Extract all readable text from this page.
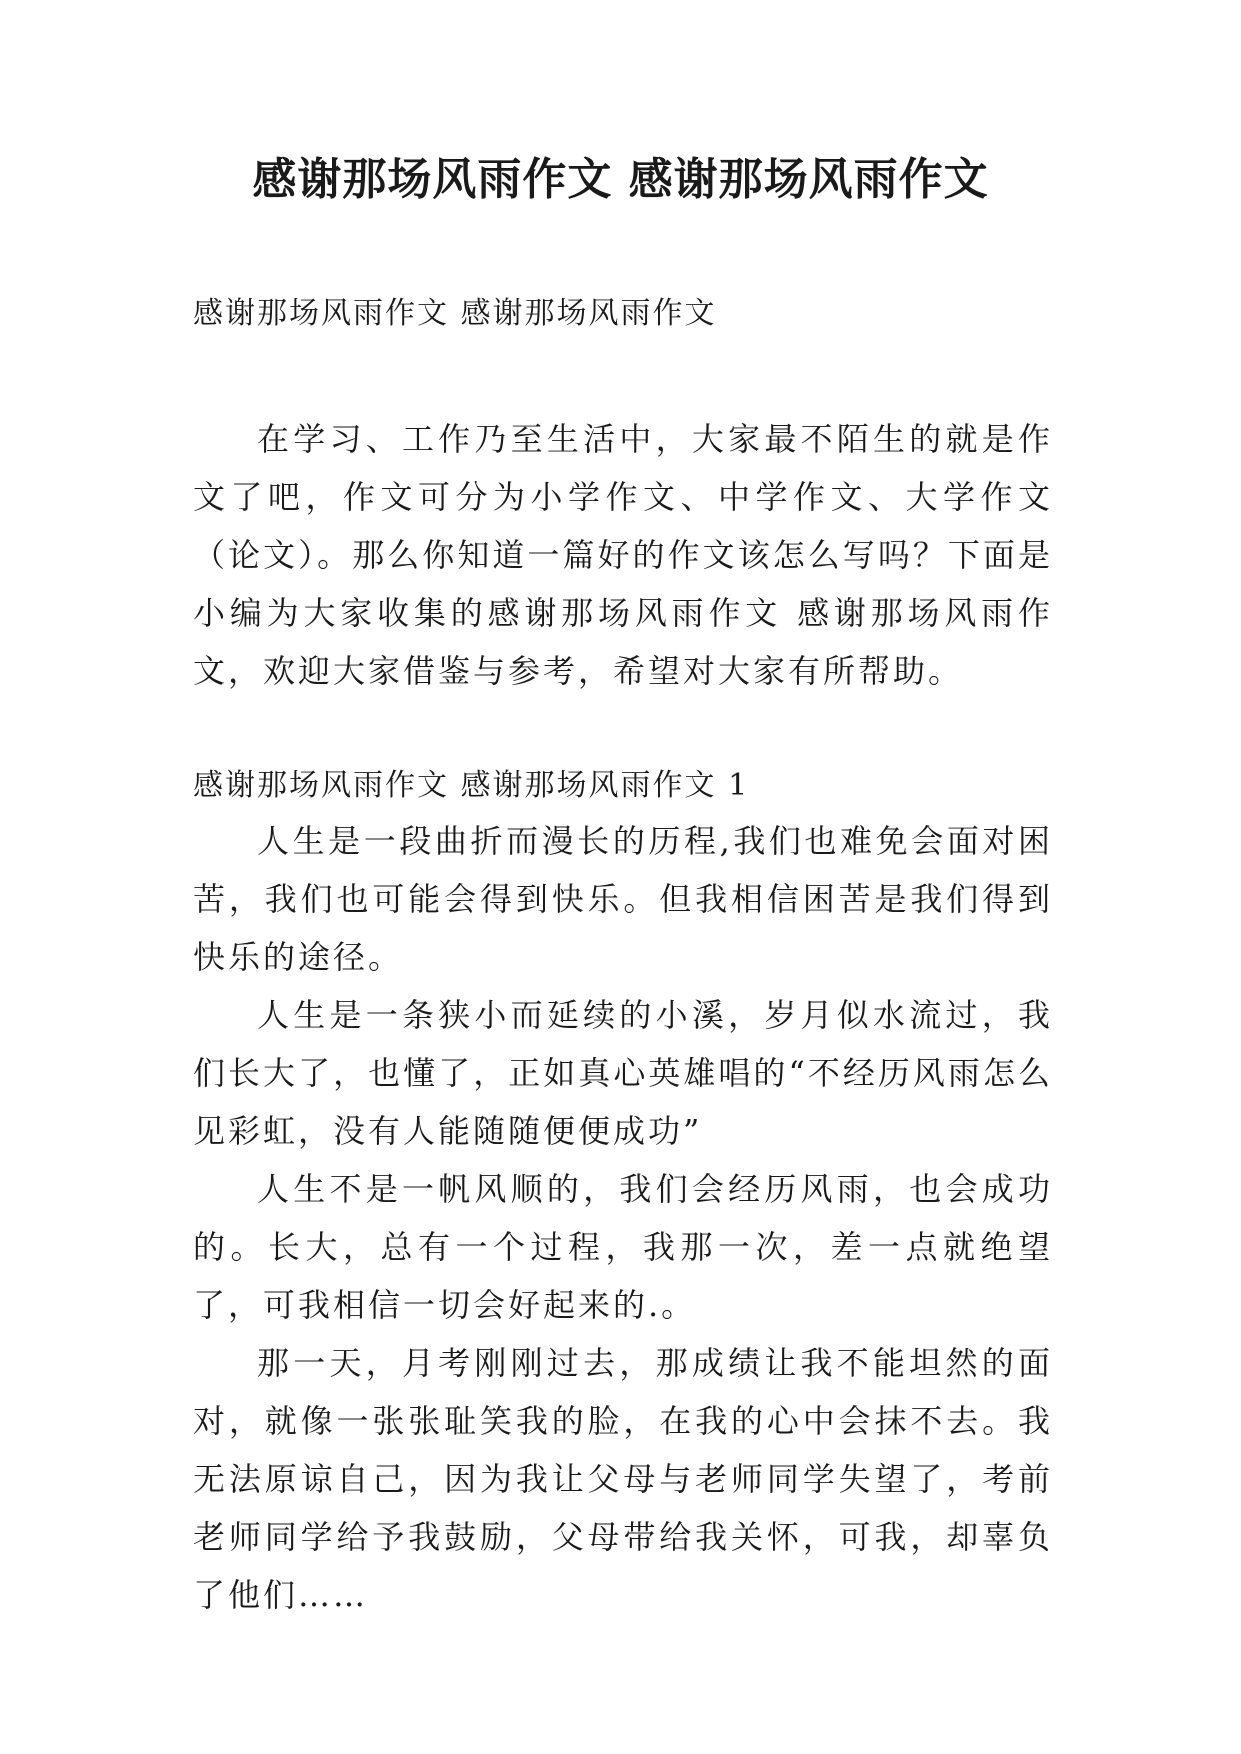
感谢那场风雨作文 感谢那场风雨作文

感谢那场风雨作文 感谢那场风雨作文

在学习、工作乃至生活中，大家最不陌生的就是作文了吧，作文可分为小学作文、中学作文、大学作文（论文）。那么你知道一篇好的作文该怎么写吗？下面是小编为大家收集的感谢那场风雨作文 感谢那场风雨作文，欢迎大家借鉴与参考，希望对大家有所帮助。

感谢那场风雨作文 感谢那场风雨作文 1

人生是一段曲折而漫长的历程,我们也难免会面对困苦，我们也可能会得到快乐。但我相信困苦是我们得到快乐的途径。

人生是一条狭小而延续的小溪，岁月似水流过，我们长大了，也懂了，正如真心英雄唱的“不经历风雨怎么见彩虹，没有人能随随便便成功”

人生不是一帆风顺的，我们会经历风雨，也会成功的。长大，总有一个过程，我那一次，差一点就绝望了，可我相信一切会好起来的.。

那一天，月考刚刚过去，那成绩让我不能坦然的面对，就像一张张耻笑我的脸，在我的心中会抹不去。我无法原谅自己，因为我让父母与老师同学失望了，考前老师同学给予我鼓励，父母带给我关怀，可我，却辜负了他们……
